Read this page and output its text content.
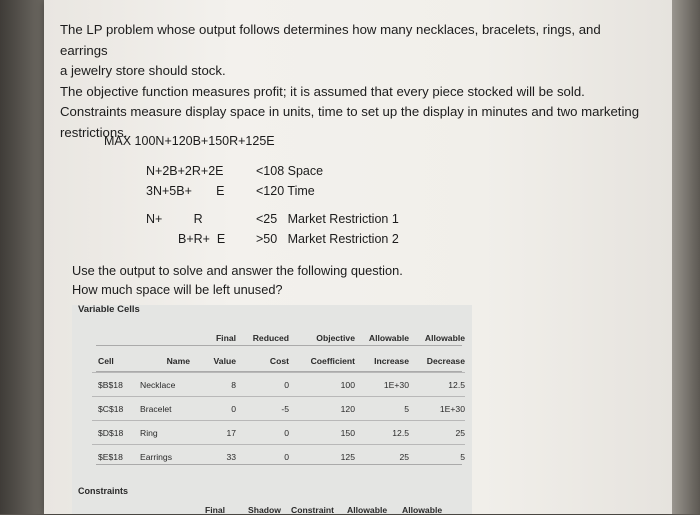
The LP problem whose output follows determines how many necklaces, bracelets, rings, and earrings

a jewelry store should stock.

The objective function measures profit; it is assumed that every piece stocked will be sold.

Constraints measure display space in units, time to set up the display in minutes and two marketing

restrictions.

MAX 100N+120B+150R+125E
N+2B+2R+2E	<108 Space
3N+5B+       E	<120 Time
N+         R	<25   Market Restriction 1
B+R+  E >50   Market Restriction 2
Use the output to solve and answer the following question.
How much space will be left unused?
Variable Cells
		Final	Reduced	Objective	Allowable	Allowable
Cell	Name	Value	Cost	Coefficient	Increase	Decrease
$B$18	Necklace	8	0	100	1E+30	12.5
$C$18	Bracelet	0	-5	120	5	1E+30
$D$18	Ring	17	0	150	12.5	25
$E$18	Earrings	33	0	125	25	5
Constraints
Final	Shadow Constraint Allowable Allowable
